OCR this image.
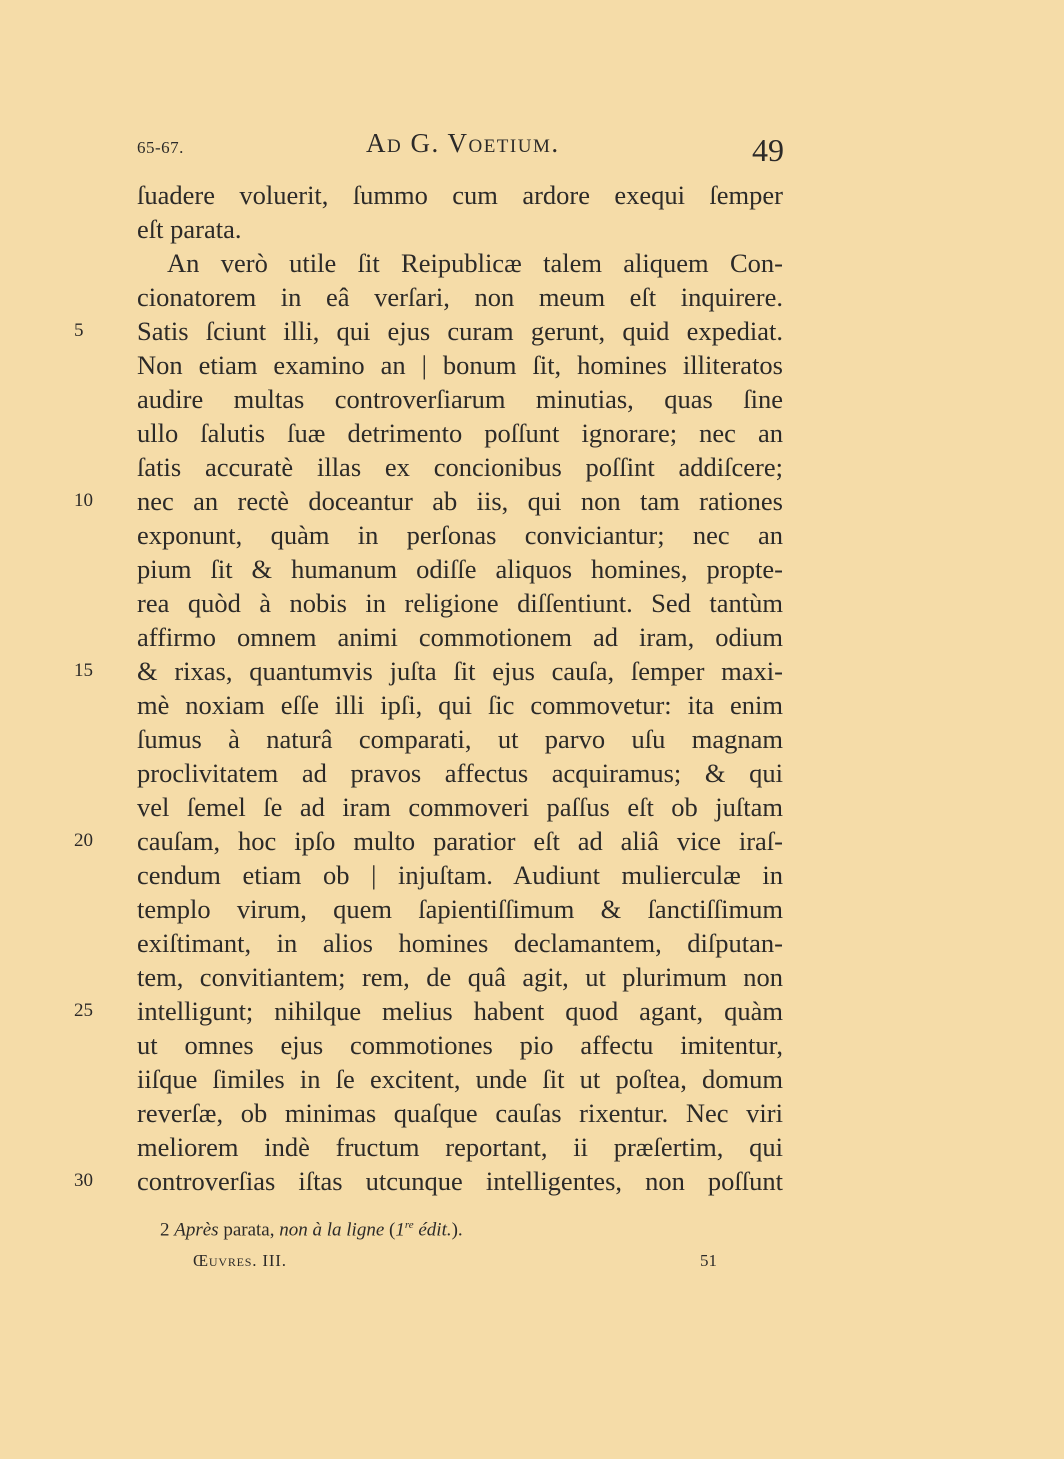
65-67.	Ad G. Voetium.	49
ſuadere voluerit, ſummo cum ardore exequi ſemper
eſt parata.
An verò utile ſit Reipublicæ talem aliquem Con-
cionatorem in eâ verſari, non meum eſt inquirere.
5	Satis ſciunt illi, qui ejus curam gerunt, quid expediat.
Non etiam examino an | bonum ſit, homines illiteratos
audire multas controverſiarum minutias, quas ſine
ullo ſalutis ſuæ detrimento poſſunt ignorare; nec an
ſatis accuratè illas ex concionibus poſſint addiſcere;
10	nec an rectè doceantur ab iis, qui non tam rationes
exponunt, quàm in perſonas conviciantur; nec an
pium ſit & humanum odiſſe aliquos homines, propte-
rea quòd à nobis in religione diſſentiunt. Sed tantùm
affirmo omnem animi commotionem ad iram, odium
15	& rixas, quantumvis juſta ſit ejus cauſa, ſemper maxi-
mè noxiam eſſe illi ipſi, qui ſic commovetur: ita enim
ſumus à naturâ comparati, ut parvo uſu magnam
proclivitatem ad pravos affectus acquiramus; & qui
vel ſemel ſe ad iram commoveri paſſus eſt ob juſtam
20	cauſam, hoc ipſo multo paratior eſt ad aliâ vice iraſ-
cendum etiam ob | injuſtam. Audiunt mulierculæ in
templo virum, quem ſapientiſſimum & ſanctiſſimum
exiſtimant, in alios homines declamantem, diſputan-
tem, convitiantem; rem, de quâ agit, ut plurimum non
25	intelligunt; nihilque melius habent quod agant, quàm
ut omnes ejus commotiones pio affectu imitentur,
iiſque ſimiles in ſe excitent, unde ſit ut poſtea, domum
reverſæ, ob minimas quaſque cauſas rixentur. Nec viri
meliorem indè fructum reportant, ii præſertim, qui
30	controverſias iſtas utcunque intelligentes, non poſſunt
2 Après parata, non à la ligne (1re édit.).
Œuvres. III.	51
